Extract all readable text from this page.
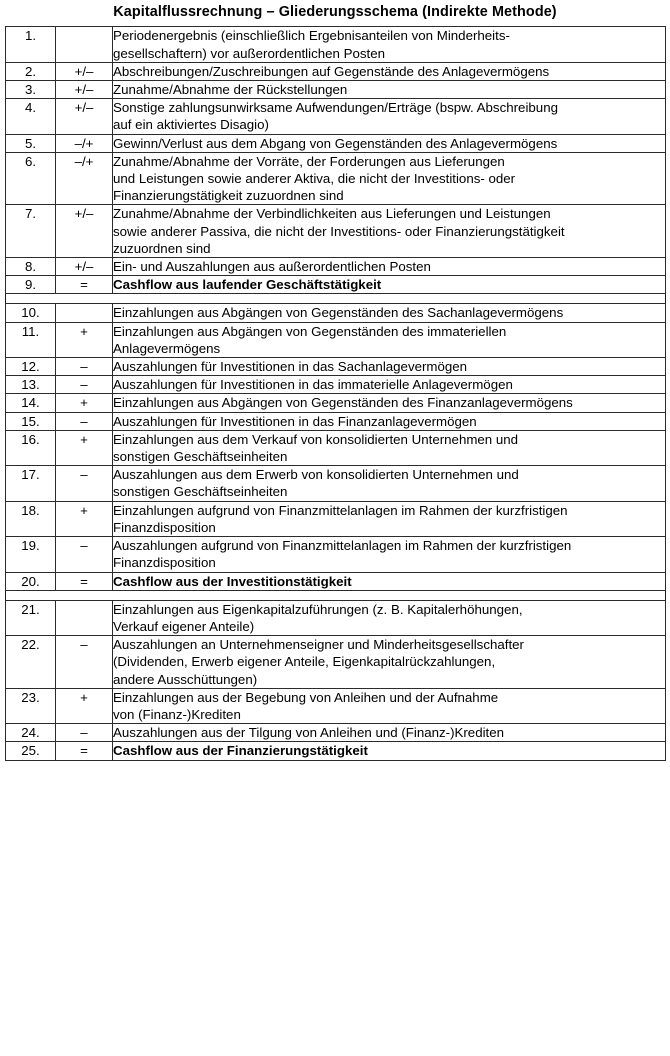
Kapitalflussrechnung – Gliederungsschema (Indirekte Methode)
1.		Periodenergebnis (einschließlich Ergebnisanteilen von Minderheits-
gesellschaftern) vor außerordentlichen Posten

2.	+/–	Abschreibungen/Zuschreibungen auf Gegenstände des Anlagevermögens

3.	+/–	Zunahme/Abnahme der Rückstellungen

4.	+/–	Sonstige zahlungsunwirksame Aufwendungen/Erträge (bspw. Abschreibung
auf ein aktiviertes Disagio)

5.	–/+	Gewinn/Verlust aus dem Abgang von Gegenständen des Anlagevermögens

6.	–/+	Zunahme/Abnahme der Vorräte, der Forderungen aus Lieferungen
und Leistungen sowie anderer Aktiva, die nicht der Investitions- oder
Finanzierungstätigkeit zuzuordnen sind

7.	+/–	Zunahme/Abnahme der Verbindlichkeiten aus Lieferungen und Leistungen
sowie anderer Passiva, die nicht der Investitions- oder Finanzierungstätigkeit
zuzuordnen sind

8.	+/–	Ein- und Auszahlungen aus außerordentlichen Posten

9.	=	Cashflow aus laufender Geschäftstätigkeit

10.		Einzahlungen aus Abgängen von Gegenständen des Sachanlagevermögens

11.	+	Einzahlungen aus Abgängen von Gegenständen des immateriellen
Anlagevermögens

12.	–	Auszahlungen für Investitionen in das Sachanlagevermögen

13.	–	Auszahlungen für Investitionen in das immaterielle Anlagevermögen

14.	+	Einzahlungen aus Abgängen von Gegenständen des Finanzanlagevermögens

15.	–	Auszahlungen für Investitionen in das Finanzanlagevermögen

16.	+	Einzahlungen aus dem Verkauf von konsolidierten Unternehmen und
sonstigen Geschäftseinheiten

17.	–	Auszahlungen aus dem Erwerb von konsolidierten Unternehmen und
sonstigen Geschäftseinheiten

18.	+	Einzahlungen aufgrund von Finanzmittelanlagen im Rahmen der kurzfristigen
Finanzdisposition

19.	–	Auszahlungen aufgrund von Finanzmittelanlagen im Rahmen der kurzfristigen
Finanzdisposition

20.	=	Cashflow aus der Investitionstätigkeit

21.		Einzahlungen aus Eigenkapitalzuführungen (z. B. Kapitalerhöhungen,
Verkauf eigener Anteile)

22.	–	Auszahlungen an Unternehmenseigner und Minderheitsgesellschafter
(Dividenden, Erwerb eigener Anteile, Eigenkapitalrückzahlungen,
andere Ausschüttungen)

23.	+	Einzahlungen aus der Begebung von Anleihen und der Aufnahme
von (Finanz-)Krediten

24.	–	Auszahlungen aus der Tilgung von Anleihen und (Finanz-)Krediten

25.	=	Cashflow aus der Finanzierungstätigkeit
